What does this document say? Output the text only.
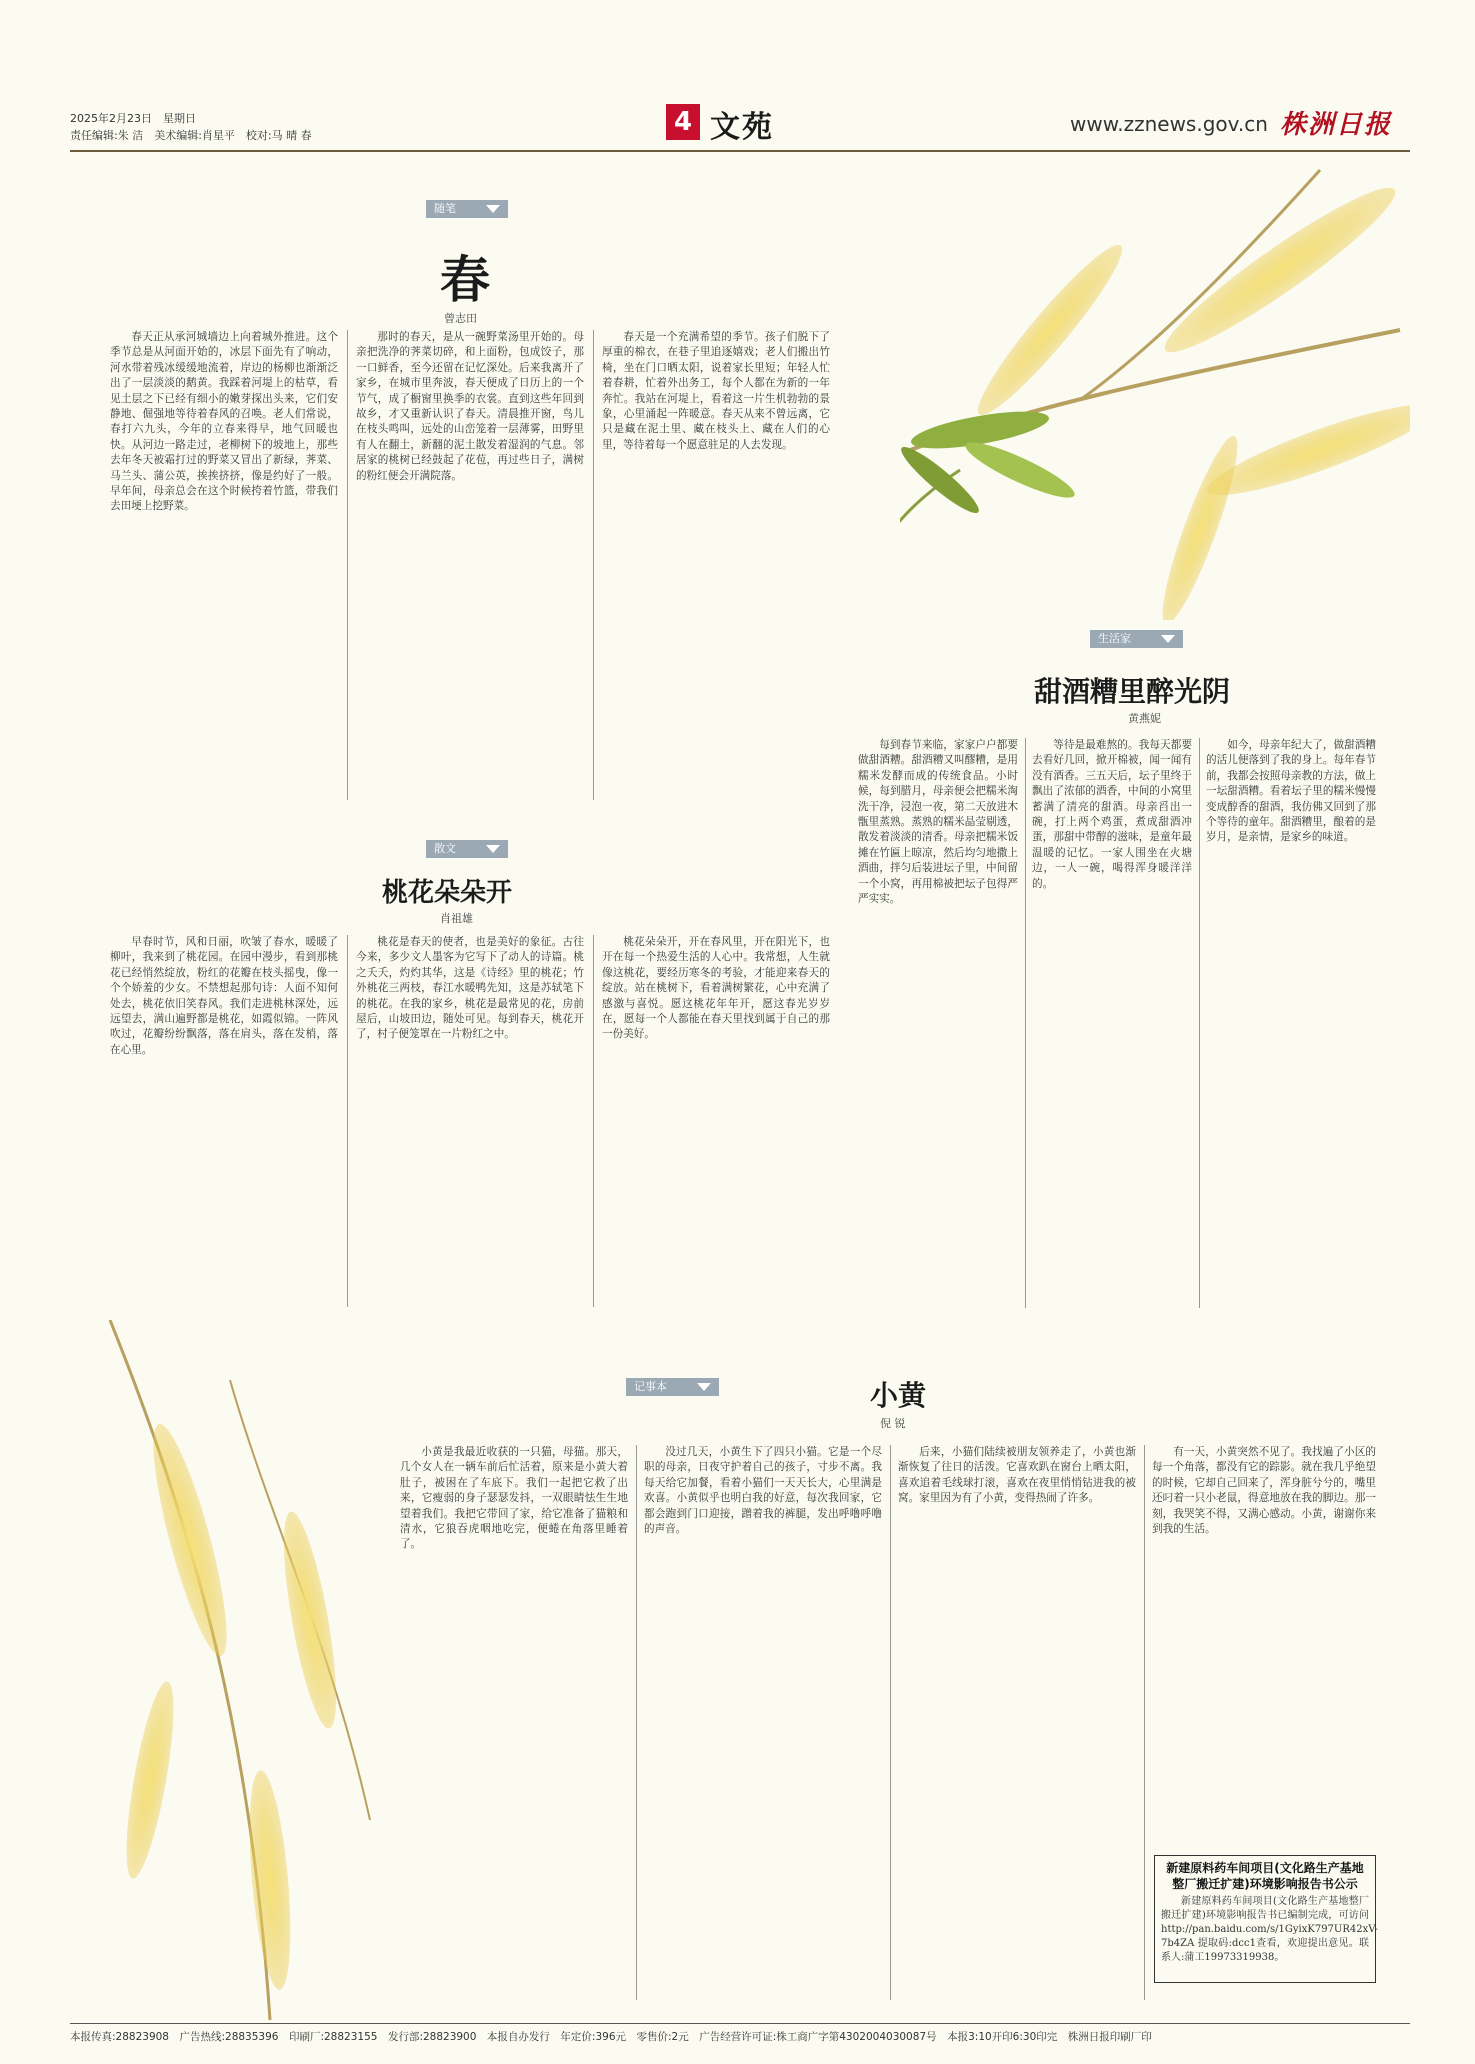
2025年2月23日　星期日
责任编辑:朱 洁　美术编辑:肖星平　校对:马 晴 春	4 文苑	www.zznews.gov.cn 株洲日报
随笔
春
曾志田

春天正从承河城墙边上向着城外推进。这个季节总是从河面开始的，冰层下面先有了响动，河水带着残冰缓缓地流着，岸边的杨柳也渐渐泛出了一层淡淡的鹅黄。我踩着河堤上的枯草，看见土层之下已经有细小的嫩芽探出头来，它们安静地、倔强地等待着春风的召唤。老人们常说，春打六九头，今年的立春来得早，地气回暖也快。从河边一路走过，老柳树下的坡地上，那些去年冬天被霜打过的野菜又冒出了新绿，荠菜、马兰头、蒲公英，挨挨挤挤，像是约好了一般。早年间，母亲总会在这个时候挎着竹篮，带我们去田埂上挖野菜。

那时的春天，是从一碗野菜汤里开始的。母亲把洗净的荠菜切碎，和上面粉，包成饺子，那一口鲜香，至今还留在记忆深处。后来我离开了家乡，在城市里奔波，春天便成了日历上的一个节气，成了橱窗里换季的衣裳。直到这些年回到故乡，才又重新认识了春天。清晨推开窗，鸟儿在枝头鸣叫，远处的山峦笼着一层薄雾，田野里有人在翻土，新翻的泥土散发着湿润的气息。邻居家的桃树已经鼓起了花苞，再过些日子，满树的粉红便会开满院落。

春天是一个充满希望的季节。孩子们脱下了厚重的棉衣，在巷子里追逐嬉戏；老人们搬出竹椅，坐在门口晒太阳，说着家长里短；年轻人忙着春耕，忙着外出务工，每个人都在为新的一年奔忙。我站在河堤上，看着这一片生机勃勃的景象，心里涌起一阵暖意。春天从来不曾远离，它只是藏在泥土里、藏在枝头上、藏在人们的心里，等待着每一个愿意驻足的人去发现。

散文
桃花朵朵开
肖祖雄

早春时节，风和日丽，吹皱了春水，暖暖了柳叶，我来到了桃花园。在园中漫步，看到那桃花已经悄然绽放，粉红的花瓣在枝头摇曳，像一个个娇羞的少女。不禁想起那句诗：人面不知何处去，桃花依旧笑春风。我们走进桃林深处，远远望去，满山遍野都是桃花，如霞似锦。一阵风吹过，花瓣纷纷飘落，落在肩头，落在发梢，落在心里。

桃花是春天的使者，也是美好的象征。古往今来，多少文人墨客为它写下了动人的诗篇。桃之夭夭，灼灼其华，这是《诗经》里的桃花；竹外桃花三两枝，春江水暖鸭先知，这是苏轼笔下的桃花。在我的家乡，桃花是最常见的花，房前屋后，山坡田边，随处可见。每到春天，桃花开了，村子便笼罩在一片粉红之中。

桃花朵朵开，开在春风里，开在阳光下，也开在每一个热爱生活的人心中。我常想，人生就像这桃花，要经历寒冬的考验，才能迎来春天的绽放。站在桃树下，看着满树繁花，心中充满了感激与喜悦。愿这桃花年年开，愿这春光岁岁在，愿每一个人都能在春天里找到属于自己的那一份美好。

生活家
甜酒糟里醉光阴
黄燕妮

每到春节来临，家家户户都要做甜酒糟。甜酒糟又叫醪糟，是用糯米发酵而成的传统食品。小时候，每到腊月，母亲便会把糯米淘洗干净，浸泡一夜，第二天放进木甑里蒸熟。蒸熟的糯米晶莹剔透，散发着淡淡的清香。母亲把糯米饭摊在竹匾上晾凉，然后均匀地撒上酒曲，拌匀后装进坛子里，中间留一个小窝，再用棉被把坛子包得严严实实。

等待是最难熬的。我每天都要去看好几回，掀开棉被，闻一闻有没有酒香。三五天后，坛子里终于飘出了浓郁的酒香，中间的小窝里蓄满了清亮的甜酒。母亲舀出一碗，打上两个鸡蛋，煮成甜酒冲蛋，那甜中带醇的滋味，是童年最温暖的记忆。一家人围坐在火塘边，一人一碗，喝得浑身暖洋洋的。

如今，母亲年纪大了，做甜酒糟的活儿便落到了我的身上。每年春节前，我都会按照母亲教的方法，做上一坛甜酒糟。看着坛子里的糯米慢慢变成醇香的甜酒，我仿佛又回到了那个等待的童年。甜酒糟里，酿着的是岁月，是亲情，是家乡的味道。

记事本	小黄
倪 锐

小黄是我最近收获的一只猫，母猫。那天，几个女人在一辆车前后忙活着，原来是小黄大着肚子，被困在了车底下。我们一起把它救了出来，它瘦弱的身子瑟瑟发抖，一双眼睛怯生生地望着我们。我把它带回了家，给它准备了猫粮和清水，它狼吞虎咽地吃完，便蜷在角落里睡着了。

没过几天，小黄生下了四只小猫。它是一个尽职的母亲，日夜守护着自己的孩子，寸步不离。我每天给它加餐，看着小猫们一天天长大，心里满是欢喜。小黄似乎也明白我的好意，每次我回家，它都会跑到门口迎接，蹭着我的裤腿，发出呼噜呼噜的声音。

后来，小猫们陆续被朋友领养走了，小黄也渐渐恢复了往日的活泼。它喜欢趴在窗台上晒太阳，喜欢追着毛线球打滚，喜欢在夜里悄悄钻进我的被窝。家里因为有了小黄，变得热闹了许多。

有一天，小黄突然不见了。我找遍了小区的每一个角落，都没有它的踪影。就在我几乎绝望的时候，它却自己回来了，浑身脏兮兮的，嘴里还叼着一只小老鼠，得意地放在我的脚边。那一刻，我哭笑不得，又满心感动。小黄，谢谢你来到我的生活。

新建原料药车间项目(文化路生产基地整厂搬迁扩建)环境影响报告书公示
新建原料药车间项目(文化路生产基地整厂搬迁扩建)环境影响报告书已编制完成，可访问 http://pan.baidu.com/s/1GyixK797UR42xV-7b4ZA 提取码:dcc1查看，欢迎提出意见。联系人:蒲工19973319938。
本报传真:28823908　广告热线:28835396　印刷厂:28823155　发行部:28823900　本报自办发行　年定价:396元　零售价:2元　广告经营许可证:株工商广字第4302004030087号　本报3:10开印6:30印完　株洲日报印刷厂印
